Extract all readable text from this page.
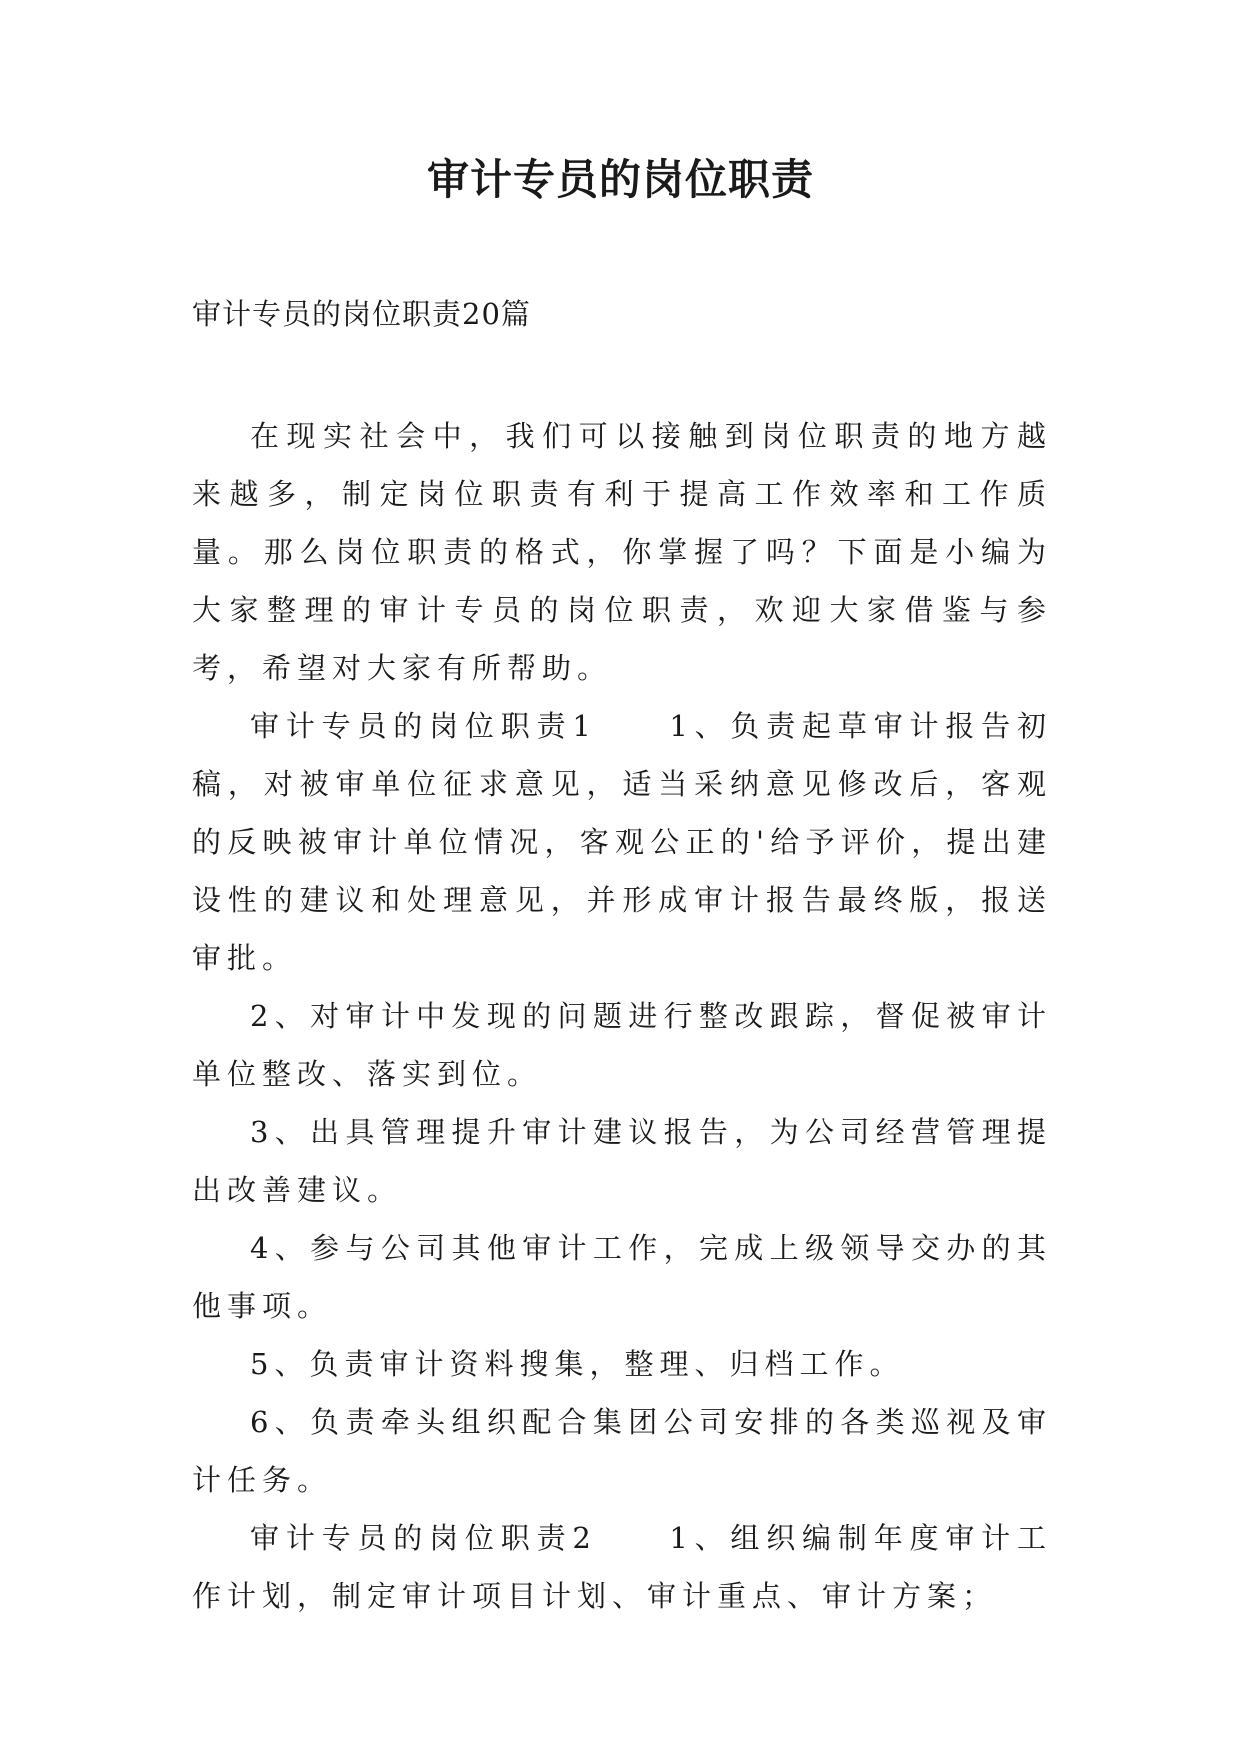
审计专员的岗位职责

审计专员的岗位职责20篇

在现实社会中，我们可以接触到岗位职责的地方越来越多，制定岗位职责有利于提高工作效率和工作质量。那么岗位职责的格式，你掌握了吗？下面是小编为大家整理的审计专员的岗位职责，欢迎大家借鉴与参考，希望对大家有所帮助。

审计专员的岗位职责1　　1、负责起草审计报告初稿，对被审单位征求意见，适当采纳意见修改后，客观的反映被审计单位情况，客观公正的'给予评价，提出建设性的建议和处理意见，并形成审计报告最终版，报送审批。

2、对审计中发现的问题进行整改跟踪，督促被审计单位整改、落实到位。

3、出具管理提升审计建议报告，为公司经营管理提出改善建议。

4、参与公司其他审计工作，完成上级领导交办的其他事项。

5、负责审计资料搜集，整理、归档工作。

6、负责牵头组织配合集团公司安排的各类巡视及审计任务。

审计专员的岗位职责2　　1、组织编制年度审计工作计划，制定审计项目计划、审计重点、审计方案；
